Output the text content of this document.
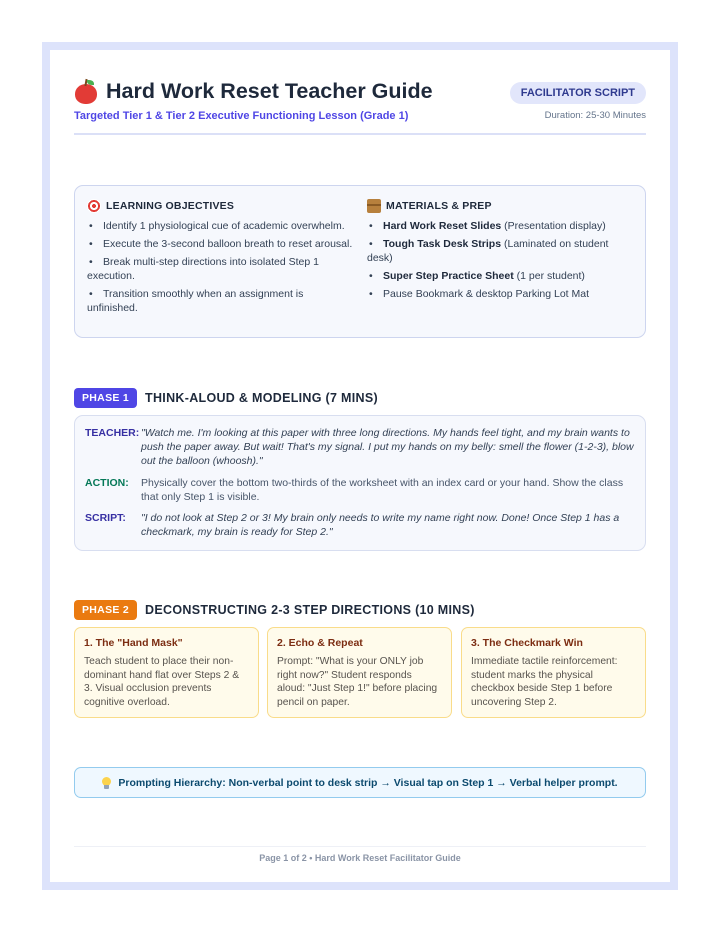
Hard Work Reset Teacher Guide
Targeted Tier 1 & Tier 2 Executive Functioning Lesson (Grade 1)
FACILITATOR SCRIPT
Duration: 25-30 Minutes
LEARNING OBJECTIVES
• Identify 1 physiological cue of academic overwhelm.
• Execute the 3-second balloon breath to reset arousal.
• Break multi-step directions into isolated Step 1 execution.
• Transition smoothly when an assignment is unfinished.
MATERIALS & PREP
• Hard Work Reset Slides (Presentation display)
• Tough Task Desk Strips (Laminated on student desk)
• Super Step Practice Sheet (1 per student)
• Pause Bookmark & desktop Parking Lot Mat
PHASE 1	THINK-ALOUD & MODELING (7 MINS)
TEACHER: "Watch me. I'm looking at this paper with three long directions. My hands feel tight, and my brain wants to push the paper away. But wait! That's my signal. I put my hands on my belly: smell the flower (1-2-3), blow out the balloon (whoosh)."
ACTION: Physically cover the bottom two-thirds of the worksheet with an index card or your hand. Show the class that only Step 1 is visible.
SCRIPT: "I do not look at Step 2 or 3! My brain only needs to write my name right now. Done! Once Step 1 has a checkmark, my brain is ready for Step 2."
PHASE 2	DECONSTRUCTING 2-3 STEP DIRECTIONS (10 MINS)
1. The "Hand Mask"

Teach student to place their non-dominant hand flat over Steps 2 & 3. Visual occlusion prevents cognitive overload.

2. Echo & Repeat

Prompt: "What is your ONLY job right now?" Student responds aloud: "Just Step 1!" before placing pencil on paper.

3. The Checkmark Win

Immediate tactile reinforcement: student marks the physical checkbox beside Step 1 before uncovering Step 2.

Prompting Hierarchy: Non-verbal point to desk strip → Visual tap on Step 1 → Verbal helper prompt.
Page 1 of 2 • Hard Work Reset Facilitator Guide
